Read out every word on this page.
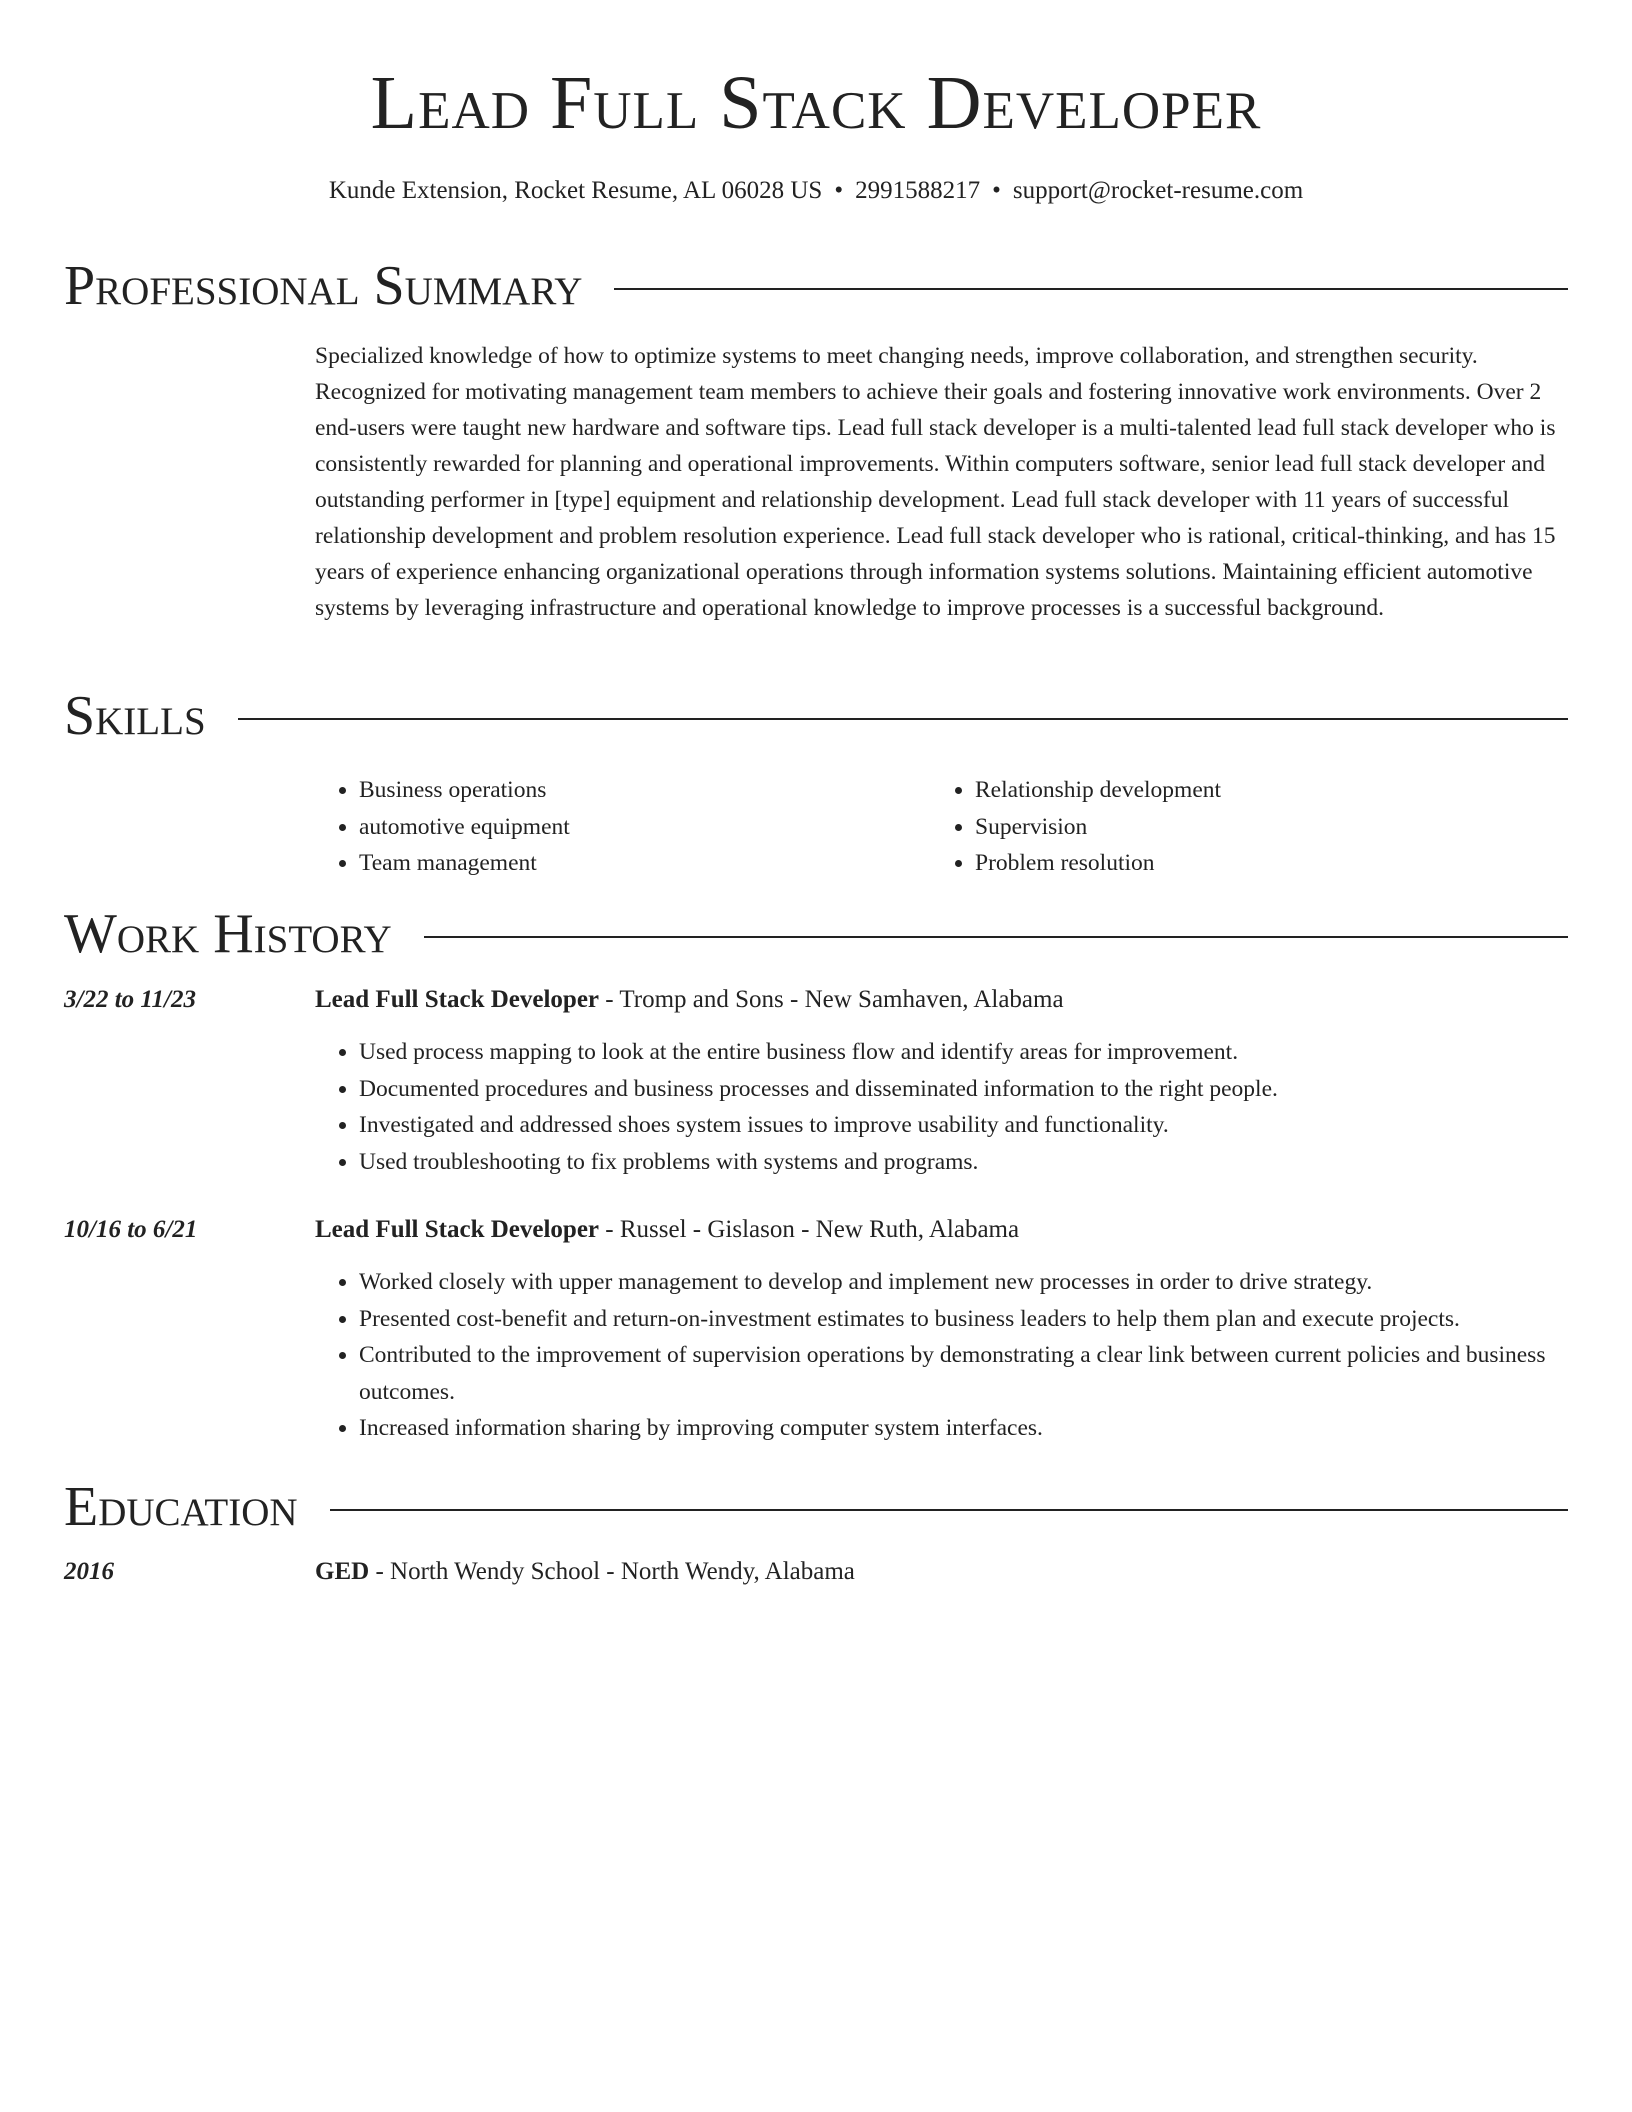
Lead Full Stack Developer
Kunde Extension, Rocket Resume, AL 06028 US • 2991588217 • support@rocket-resume.com
Professional Summary

Specialized knowledge of how to optimize systems to meet changing needs, improve collaboration, and strengthen security. Recognized for motivating management team members to achieve their goals and fostering innovative work environments. Over 2 end-users were taught new hardware and software tips. Lead full stack developer is a multi-talented lead full stack developer who is consistently rewarded for planning and operational improvements. Within computers software, senior lead full stack developer and outstanding performer in [type] equipment and relationship development. Lead full stack developer with 11 years of successful relationship development and problem resolution experience. Lead full stack developer who is rational, critical-thinking, and has 15 years of experience enhancing organizational operations through information systems solutions. Maintaining efficient automotive systems by leveraging infrastructure and operational knowledge to improve processes is a successful background.

Skills
• Business operations
• automotive equipment
• Team management
• Relationship development
• Supervision
• Problem resolution
Work History
3/22 to 11/23	Lead Full Stack Developer - Tromp and Sons - New Samhaven, Alabama
• Used process mapping to look at the entire business flow and identify areas for improvement.
• Documented procedures and business processes and disseminated information to the right people.
• Investigated and addressed shoes system issues to improve usability and functionality.
• Used troubleshooting to fix problems with systems and programs.
10/16 to 6/21	Lead Full Stack Developer - Russel - Gislason - New Ruth, Alabama
• Worked closely with upper management to develop and implement new processes in order to drive strategy.
• Presented cost-benefit and return-on-investment estimates to business leaders to help them plan and execute projects.
• Contributed to the improvement of supervision operations by demonstrating a clear link between current policies and business outcomes.
• Increased information sharing by improving computer system interfaces.
Education
2016	GED - North Wendy School - North Wendy, Alabama
